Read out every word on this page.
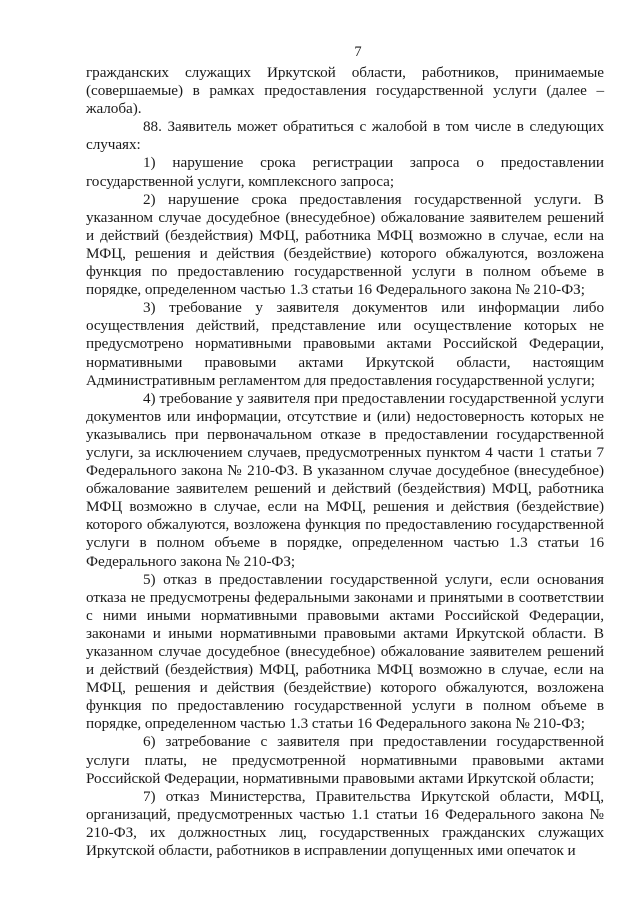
7

гражданских служащих Иркутской области, работников, принимаемые (совершаемые) в рамках предоставления государственной услуги (далее – жалоба).

88. Заявитель может обратиться с жалобой в том числе в следующих случаях:

1) нарушение срока регистрации запроса о предоставлении государственной услуги, комплексного запроса;

2) нарушение срока предоставления государственной услуги. В указанном случае досудебное (внесудебное) обжалование заявителем решений и действий (бездействия) МФЦ, работника МФЦ возможно в случае, если на МФЦ, решения и действия (бездействие) которого обжалуются, возложена функция по предоставлению государственной услуги в полном объеме в порядке, определенном частью 1.3 статьи 16 Федерального закона № 210-ФЗ;

3) требование у заявителя документов или информации либо осуществления действий, представление или осуществление которых не предусмотрено нормативными правовыми актами Российской Федерации, нормативными правовыми актами Иркутской области, настоящим Административным регламентом для предоставления государственной услуги;

4) требование у заявителя при предоставлении государственной услуги документов или информации, отсутствие и (или) недостоверность которых не указывались при первоначальном отказе в предоставлении государственной услуги, за исключением случаев, предусмотренных пунктом 4 части 1 статьи 7 Федерального закона № 210-ФЗ. В указанном случае досудебное (внесудебное) обжалование заявителем решений и действий (бездействия) МФЦ, работника МФЦ возможно в случае, если на МФЦ, решения и действия (бездействие) которого обжалуются, возложена функция по предоставлению государственной услуги в полном объеме в порядке, определенном частью 1.3 статьи 16 Федерального закона № 210-ФЗ;

5) отказ в предоставлении государственной услуги, если основания отказа не предусмотрены федеральными законами и принятыми в соответствии с ними иными нормативными правовыми актами Российской Федерации, законами и иными нормативными правовыми актами Иркутской области. В указанном случае досудебное (внесудебное) обжалование заявителем решений и действий (бездействия) МФЦ, работника МФЦ возможно в случае, если на МФЦ, решения и действия (бездействие) которого обжалуются, возложена функция по предоставлению государственной услуги в полном объеме в порядке, определенном частью 1.3 статьи 16 Федерального закона № 210-ФЗ;

6) затребование с заявителя при предоставлении государственной услуги платы, не предусмотренной нормативными правовыми актами Российской Федерации, нормативными правовыми актами Иркутской области;

7) отказ Министерства, Правительства Иркутской области, МФЦ, организаций, предусмотренных частью 1.1 статьи 16 Федерального закона № 210-ФЗ, их должностных лиц, государственных гражданских служащих Иркутской области, работников в исправлении допущенных ими опечаток и
